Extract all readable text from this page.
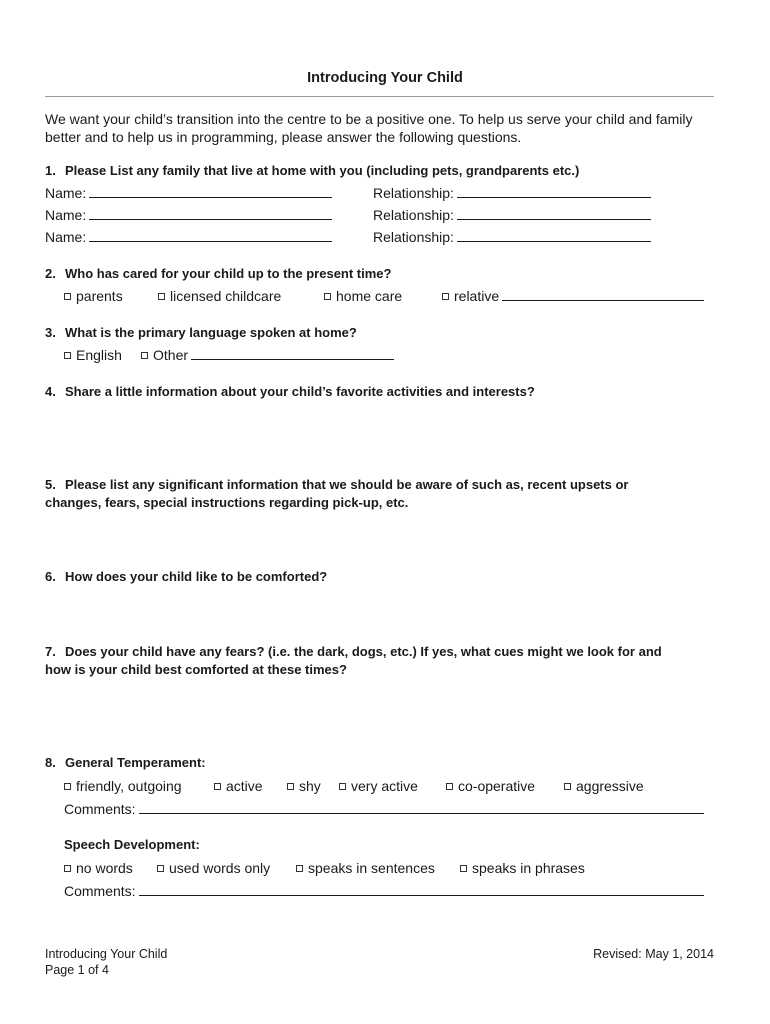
Introducing Your Child
We want your child’s transition into the centre to be a positive one. To help us serve your child and family better and to help us in programming, please answer the following questions.
1. Please List any family that live at home with you (including pets, grandparents etc.)
Name:	Relationship:
Name:	Relationship:
Name:	Relationship:
2. Who has cared for your child up to the present time?
parents	licensed childcare	home care	relative
3. What is the primary language spoken at home?
English	Other
4. Share a little information about your child’s favorite activities and interests?
5. Please list any significant information that we should be aware of such as, recent upsets or
changes, fears, special instructions regarding pick-up, etc.
6. How does your child like to be comforted?
7. Does your child have any fears? (i.e. the dark, dogs, etc.) If yes, what cues might we look for and
how is your child best comforted at these times?
8. General Temperament:
friendly, outgoing	active	shy	very active	co-operative	aggressive
Comments:
Speech Development:
no words	used words only	speaks in sentences	speaks in phrases
Comments:
Introducing Your Child
Page 1 of 4
Revised: May 1, 2014
